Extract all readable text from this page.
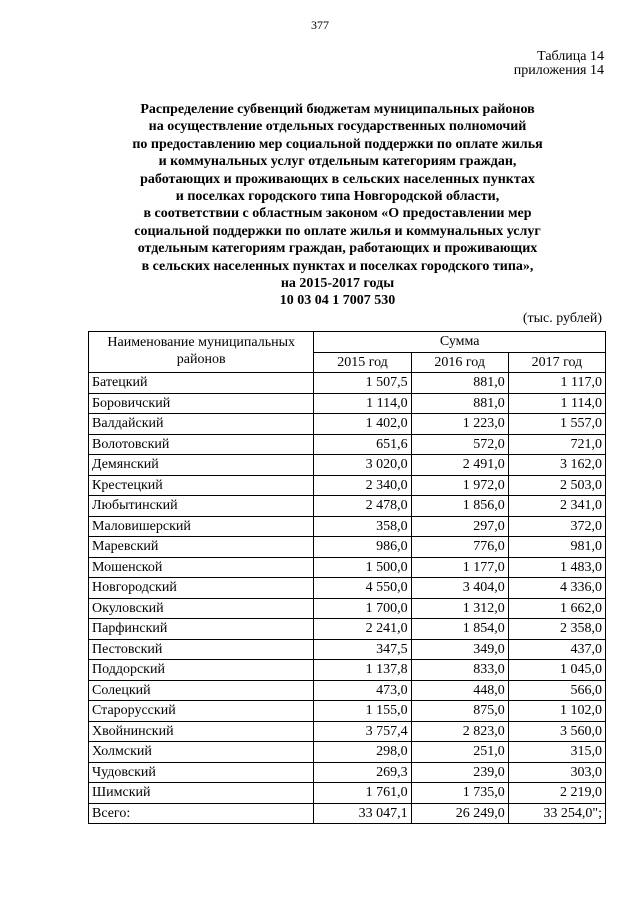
377
Таблица 14
приложения 14
Распределение субвенций бюджетам муниципальных районов
на осуществление отдельных государственных полномочий
по предоставлению мер социальной поддержки по оплате жилья
и коммунальных услуг отдельным категориям граждан,
работающих и проживающих в сельских населенных пунктах
и поселках городского типа Новгородской области,
в соответствии с областным законом «О предоставлении мер
социальной поддержки по оплате жилья и коммунальных услуг
отдельным категориям граждан, работающих и проживающих
в сельских населенных пунктах и поселках городского типа»,
на 2015-2017 годы
10 03 04 1 7007 530
(тыс. рублей)
Наименование муниципальных районов	Сумма		
	2015 год	2016 год	2017 год
Батецкий	1 507,5	881,0	1 117,0
Боровичский	1 114,0	881,0	1 114,0
Валдайский	1 402,0	1 223,0	1 557,0
Волотовский	651,6	572,0	721,0
Демянский	3 020,0	2 491,0	3 162,0
Крестецкий	2 340,0	1 972,0	2 503,0
Любытинский	2 478,0	1 856,0	2 341,0
Маловишерский	358,0	297,0	372,0
Маревский	986,0	776,0	981,0
Мошенской	1 500,0	1 177,0	1 483,0
Новгородский	4 550,0	3 404,0	4 336,0
Окуловский	1 700,0	1 312,0	1 662,0
Парфинский	2 241,0	1 854,0	2 358,0
Пестовский	347,5	349,0	437,0
Поддорский	1 137,8	833,0	1 045,0
Солецкий	473,0	448,0	566,0
Старорусский	1 155,0	875,0	1 102,0
Хвойнинский	3 757,4	2 823,0	3 560,0
Холмский	298,0	251,0	315,0
Чудовский	269,3	239,0	303,0
Шимский	1 761,0	1 735,0	2 219,0
Всего:	33 047,1	26 249,0	33 254,0";
